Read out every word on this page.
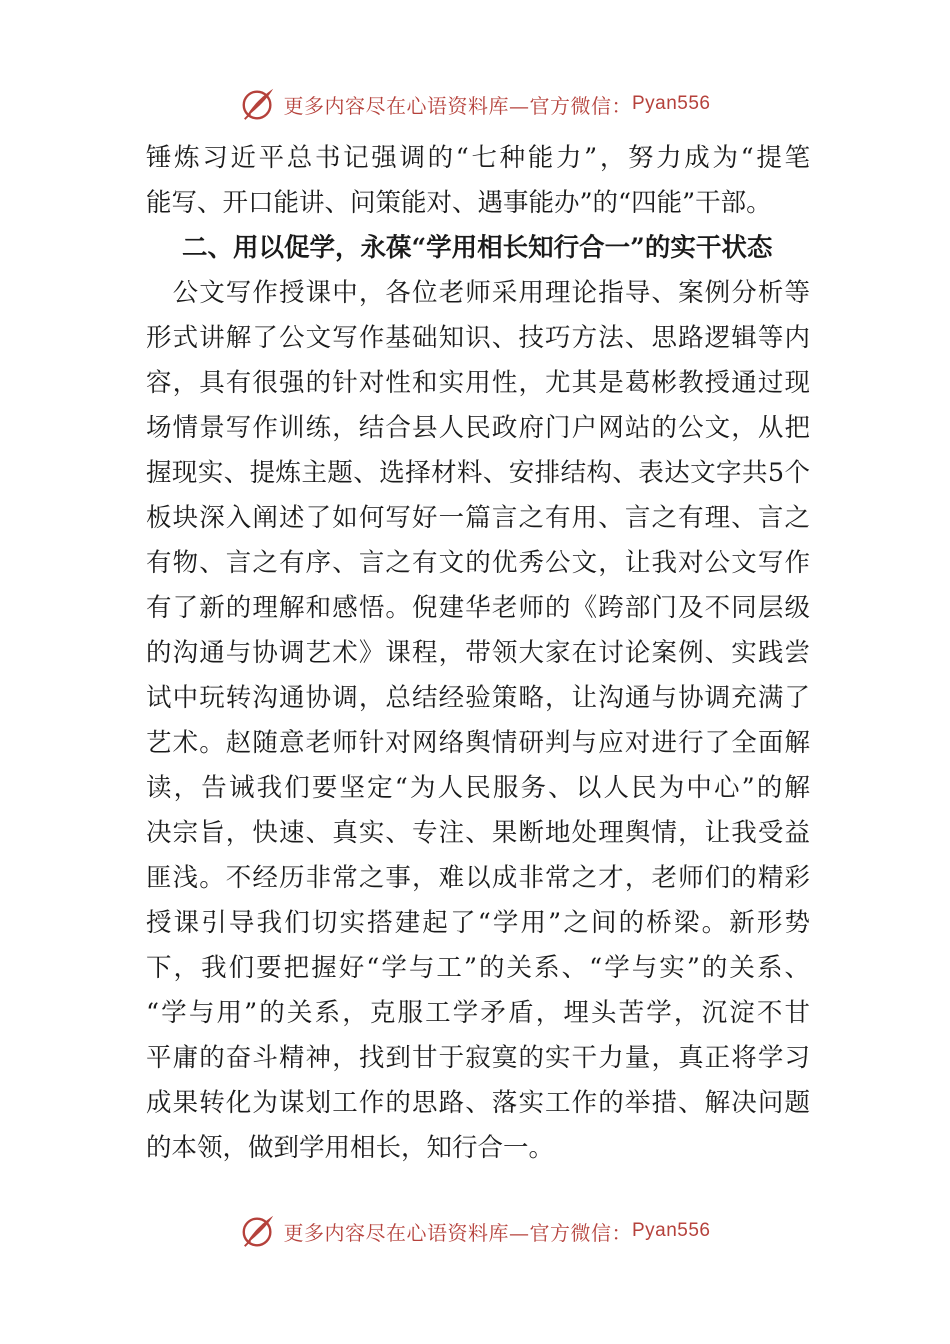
更多内容尽在心语资料库—官方微信： Pyan556
锤炼习近平总书记强调的“七种能力”，努力成为“提笔
能写、开口能讲、问策能对、遇事能办”的“四能”干部。
二、用以促学，永葆“学用相长知行合一”的实干状态
　公文写作授课中，各位老师采用理论指导、案例分析等
形式讲解了公文写作基础知识、技巧方法、思路逻辑等内
容，具有很强的针对性和实用性，尤其是葛彬教授通过现
场情景写作训练，结合县人民政府门户网站的公文，从把
握现实、提炼主题、选择材料、安排结构、表达文字共5个
板块深入阐述了如何写好一篇言之有用、言之有理、言之
有物、言之有序、言之有文的优秀公文，让我对公文写作
有了新的理解和感悟。倪建华老师的《跨部门及不同层级
的沟通与协调艺术》课程，带领大家在讨论案例、实践尝
试中玩转沟通协调，总结经验策略，让沟通与协调充满了
艺术。赵随意老师针对网络舆情研判与应对进行了全面解
读，告诫我们要坚定“为人民服务、以人民为中心”的解
决宗旨，快速、真实、专注、果断地处理舆情，让我受益
匪浅。不经历非常之事，难以成非常之才，老师们的精彩
授课引导我们切实搭建起了“学用”之间的桥梁。新形势
下，我们要把握好“学与工”的关系、“学与实”的关系、
“学与用”的关系，克服工学矛盾，埋头苦学，沉淀不甘
平庸的奋斗精神，找到甘于寂寞的实干力量，真正将学习
成果转化为谋划工作的思路、落实工作的举措、解决问题
的本领，做到学用相长，知行合一。
更多内容尽在心语资料库—官方微信： Pyan556
